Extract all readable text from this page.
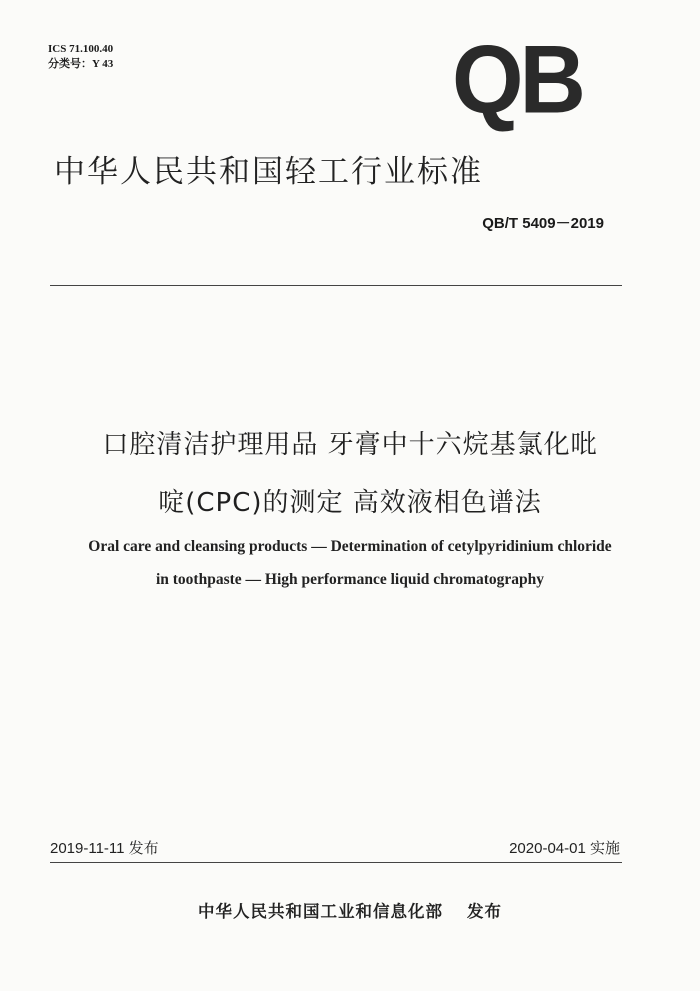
ICS 71.100.40
分类号：Y 43	QB
中华人民共和国轻工行业标准
QB/T 5409－2019
口腔清洁护理用品 牙膏中十六烷基氯化吡
啶(CPC)的测定 高效液相色谱法
Oral care and cleansing products — Determination of cetylpyridinium chloride
in toothpaste — High performance liquid chromatography
2019-11-11 发布	2020-04-01 实施
中华人民共和国工业和信息化部 发布
